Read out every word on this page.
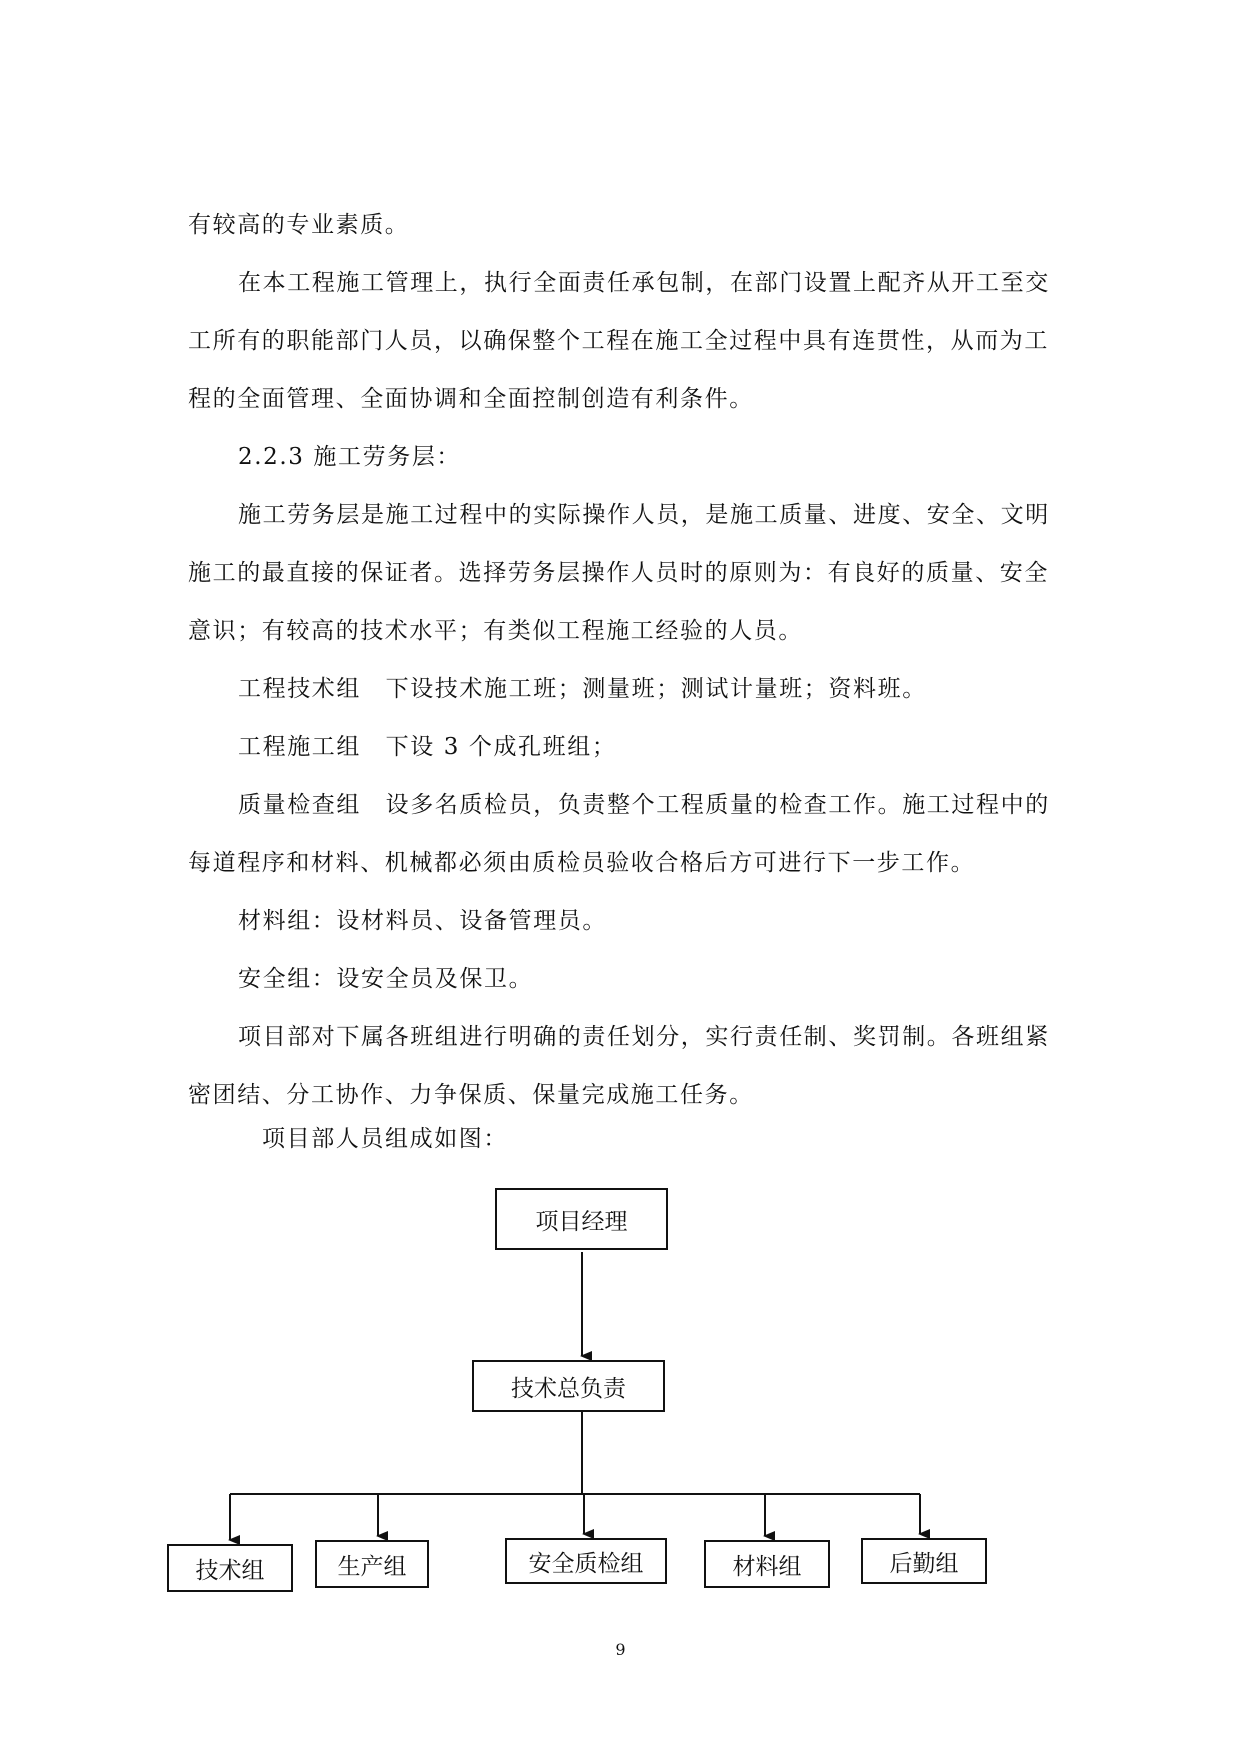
有较高的专业素质。
在本工程施工管理上，执行全面责任承包制，在部门设置上配齐从开工至交
工所有的职能部门人员，以确保整个工程在施工全过程中具有连贯性，从而为工
程的全面管理、全面协调和全面控制创造有利条件。
2.2.3 施工劳务层：
施工劳务层是施工过程中的实际操作人员，是施工质量、进度、安全、文明
施工的最直接的保证者。选择劳务层操作人员时的原则为：有良好的质量、安全
意识；有较高的技术水平；有类似工程施工经验的人员。
工程技术组　下设技术施工班；测量班；测试计量班；资料班。
工程施工组　下设 3 个成孔班组；
质量检查组　设多名质检员，负责整个工程质量的检查工作。施工过程中的
每道程序和材料、机械都必须由质检员验收合格后方可进行下一步工作。
材料组：设材料员、设备管理员。
安全组：设安全员及保卫。
项目部对下属各班组进行明确的责任划分，实行责任制、奖罚制。各班组紧
密团结、分工协作、力争保质、保量完成施工任务。
项目部人员组成如图：
项目经理
技术总负责
技术组	生产组	安全质检组	材料组	后勤组
9
